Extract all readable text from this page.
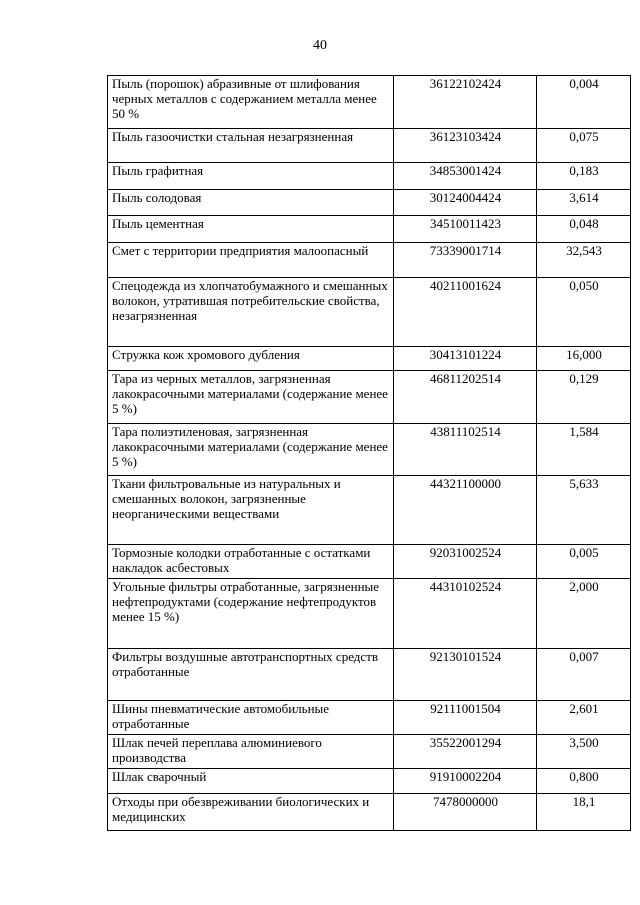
40
Пыль (порошок) абразивные от шлифования черных металлов с содержанием металла менее 50 %	36122102424	0,004
Пыль газоочистки стальная незагрязненная	36123103424	0,075
Пыль графитная	34853001424	0,183
Пыль солодовая	30124004424	3,614
Пыль цементная	34510011423	0,048
Смет с территории предприятия малоопасный	73339001714	32,543
Спецодежда из хлопчатобумажного и смешанных волокон, утратившая потребительские свойства, незагрязненная	40211001624	0,050
Стружка кож хромового дубления	30413101224	16,000
Тара из черных металлов, загрязненная лакокрасочными материалами (содержание менее 5 %)	46811202514	0,129
Тара полиэтиленовая, загрязненная лакокрасочными материалами (содержание менее 5 %)	43811102514	1,584
Ткани фильтровальные из натуральных и смешанных волокон, загрязненные неорганическими веществами	44321100000	5,633
Тормозные колодки отработанные с остатками накладок асбестовых	92031002524	0,005
Угольные фильтры отработанные, загрязненные нефтепродуктами (содержание нефтепродуктов менее 15 %)	44310102524	2,000
Фильтры воздушные автотранспортных средств отработанные	92130101524	0,007
Шины пневматические автомобильные отработанные	92111001504	2,601
Шлак печей переплава алюминиевого производства	35522001294	3,500
Шлак сварочный	91910002204	0,800
Отходы при обезвреживании биологических и медицинских	7478000000	18,1
